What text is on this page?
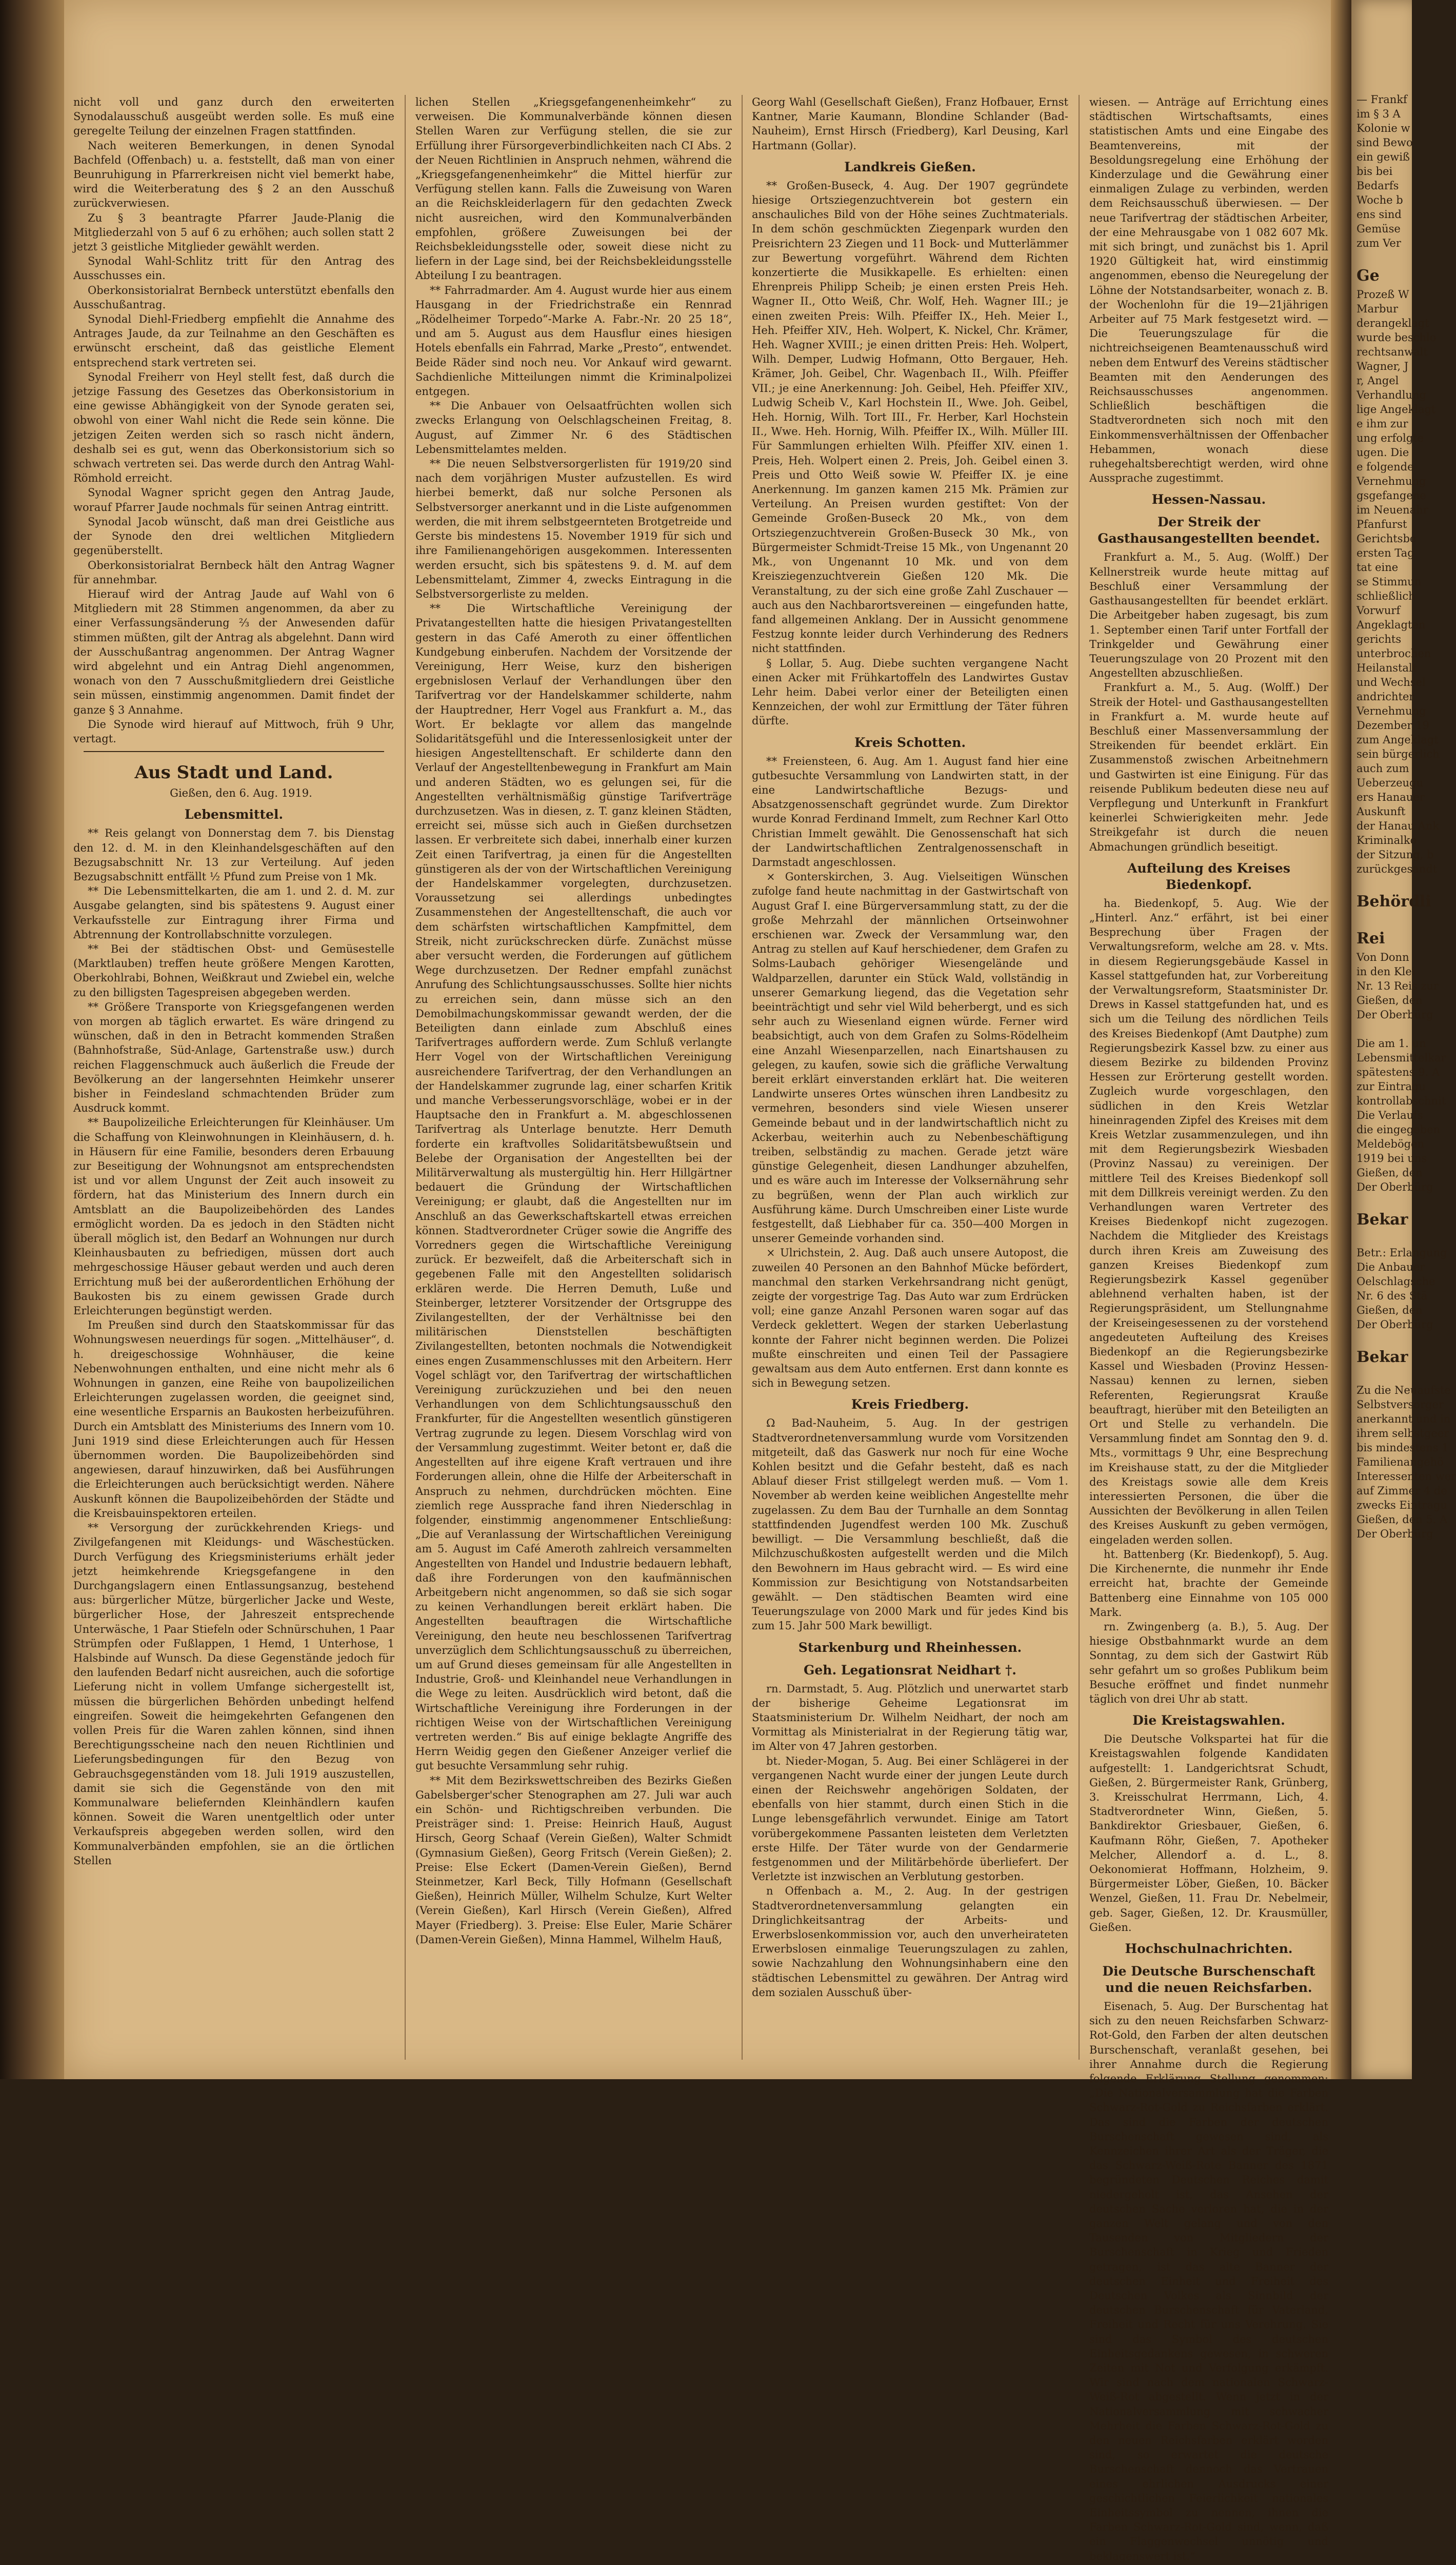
nicht voll und ganz durch den erweiterten Synodalausschuß ausgeübt werden solle. Es muß eine geregelte Teilung der einzelnen Fragen stattfinden.

Nach weiteren Bemerkungen, in denen Synodal Bachfeld (Offenbach) u. a. feststellt, daß man von einer Beunruhigung in Pfarrerkreisen nicht viel bemerkt habe, wird die Weiterberatung des § 2 an den Ausschuß zurückverwiesen.

Zu § 3 beantragte Pfarrer Jaude-Planig die Mitgliederzahl von 5 auf 6 zu erhöhen; auch sollen statt 2 jetzt 3 geistliche Mitglieder gewählt werden.

Synodal Wahl-Schlitz tritt für den Antrag des Ausschusses ein.

Oberkonsistorialrat Bernbeck unterstützt ebenfalls den Ausschußantrag.

Synodal Diehl-Friedberg empfiehlt die Annahme des Antrages Jaude, da zur Teilnahme an den Geschäften es erwünscht erscheint, daß das geistliche Element entsprechend stark vertreten sei.

Synodal Freiherr von Heyl stellt fest, daß durch die jetzige Fassung des Gesetzes das Oberkonsistorium in eine gewisse Abhängigkeit von der Synode geraten sei, obwohl von einer Wahl nicht die Rede sein könne. Die jetzigen Zeiten werden sich so rasch nicht ändern, deshalb sei es gut, wenn das Oberkonsistorium sich so schwach vertreten sei. Das werde durch den Antrag Wahl-Römhold erreicht.

Synodal Wagner spricht gegen den Antrag Jaude, worauf Pfarrer Jaude nochmals für seinen Antrag eintritt.

Synodal Jacob wünscht, daß man drei Geistliche aus der Synode den drei weltlichen Mitgliedern gegenüberstellt.

Oberkonsistorialrat Bernbeck hält den Antrag Wagner für annehmbar.

Hierauf wird der Antrag Jaude auf Wahl von 6 Mitgliedern mit 28 Stimmen angenommen, da aber zu einer Verfassungsänderung ⅔ der Anwesenden dafür stimmen müßten, gilt der Antrag als abgelehnt. Dann wird der Ausschußantrag angenommen. Der Antrag Wagner wird abgelehnt und ein Antrag Diehl angenommen, wonach von den 7 Ausschußmitgliedern drei Geistliche sein müssen, einstimmig angenommen. Damit findet der ganze § 3 Annahme.

Die Synode wird hierauf auf Mittwoch, früh 9 Uhr, vertagt.

Aus Stadt und Land.

Gießen, den 6. Aug. 1919.

Lebensmittel.

** Reis gelangt von Donnerstag dem 7. bis Dienstag den 12. d. M. in den Kleinhandelsgeschäften auf den Bezugsabschnitt Nr. 13 zur Verteilung. Auf jeden Bezugsabschnitt entfällt ½ Pfund zum Preise von 1 Mk.

** Die Lebensmittelkarten, die am 1. und 2. d. M. zur Ausgabe gelangten, sind bis spätestens 9. August einer Verkaufsstelle zur Eintragung ihrer Firma und Abtrennung der Kontrollabschnitte vorzulegen.

** Bei der städtischen Obst- und Gemüsestelle (Marktlauben) treffen heute größere Mengen Karotten, Oberkohlrabi, Bohnen, Weißkraut und Zwiebel ein, welche zu den billigsten Tagespreisen abgegeben werden.

** Größere Transporte von Kriegsgefangenen werden von morgen ab täglich erwartet. Es wäre dringend zu wünschen, daß in den in Betracht kommenden Straßen (Bahnhofstraße, Süd-Anlage, Gartenstraße usw.) durch reichen Flaggenschmuck auch äußerlich die Freude der Bevölkerung an der langersehnten Heimkehr unserer bisher in Feindesland schmachtenden Brüder zum Ausdruck kommt.

** Baupolizeiliche Erleichterungen für Kleinhäuser. Um die Schaffung von Kleinwohnungen in Kleinhäusern, d. h. in Häusern für eine Familie, besonders deren Erbauung zur Beseitigung der Wohnungsnot am entsprechendsten ist und vor allem Ungunst der Zeit auch insoweit zu fördern, hat das Ministerium des Innern durch ein Amtsblatt an die Baupolizeibehörden des Landes ermöglicht worden. Da es jedoch in den Städten nicht überall möglich ist, den Bedarf an Wohnungen nur durch Kleinhausbauten zu befriedigen, müssen dort auch mehrgeschossige Häuser gebaut werden und auch deren Errichtung muß bei der außerordentlichen Erhöhung der Baukosten bis zu einem gewissen Grade durch Erleichterungen begünstigt werden.

Im Preußen sind durch den Staatskommissar für das Wohnungswesen neuerdings für sogen. „Mittelhäuser“, d. h. dreigeschossige Wohnhäuser, die keine Nebenwohnungen enthalten, und eine nicht mehr als 6 Wohnungen in ganzen, eine Reihe von baupolizeilichen Erleichterungen zugelassen worden, die geeignet sind, eine wesentliche Ersparnis an Baukosten herbeizuführen. Durch ein Amtsblatt des Ministeriums des Innern vom 10. Juni 1919 sind diese Erleichterungen auch für Hessen übernommen worden. Die Baupolizeibehörden sind angewiesen, darauf hinzuwirken, daß bei Ausführungen die Erleichterungen auch berücksichtigt werden. Nähere Auskunft können die Baupolizeibehörden der Städte und die Kreisbauinspektoren erteilen.

** Versorgung der zurückkehrenden Kriegs- und Zivilgefangenen mit Kleidungs- und Wäschestücken. Durch Verfügung des Kriegsministeriums erhält jeder jetzt heimkehrende Kriegsgefangene in den Durchgangslagern einen Entlassungsanzug, bestehend aus: bürgerlicher Mütze, bürgerlicher Jacke und Weste, bürgerlicher Hose, der Jahreszeit entsprechende Unterwäsche, 1 Paar Stiefeln oder Schnürschuhen, 1 Paar Strümpfen oder Fußlappen, 1 Hemd, 1 Unterhose, 1 Halsbinde auf Wunsch. Da diese Gegenstände jedoch für den laufenden Bedarf nicht ausreichen, auch die sofortige Lieferung nicht in vollem Umfange sichergestellt ist, müssen die bürgerlichen Behörden unbedingt helfend eingreifen. Soweit die heimgekehrten Gefangenen den vollen Preis für die Waren zahlen können, sind ihnen Berechtigungsscheine nach den neuen Richtlinien und Lieferungsbedingungen für den Bezug von Gebrauchsgegenständen vom 18. Juli 1919 auszustellen, damit sie sich die Gegenstände von den mit Kommunalware beliefernden Kleinhändlern kaufen können. Soweit die Waren unentgeltlich oder unter Verkaufspreis abgegeben werden sollen, wird den Kommunalverbänden empfohlen, sie an die örtlichen Stellen

lichen Stellen „Kriegsgefangenenheimkehr“ zu verweisen. Die Kommunalverbände können diesen Stellen Waren zur Verfügung stellen, die sie zur Erfüllung ihrer Fürsorgeverbindlichkeiten nach CI Abs. 2 der Neuen Richtlinien in Anspruch nehmen, während die „Kriegsgefangenenheimkehr“ die Mittel hierfür zur Verfügung stellen kann. Falls die Zuweisung von Waren an die Reichskleiderlagern für den gedachten Zweck nicht ausreichen, wird den Kommunalverbänden empfohlen, größere Zuweisungen bei der Reichsbekleidungsstelle oder, soweit diese nicht zu liefern in der Lage sind, bei der Reichsbekleidungsstelle Abteilung I zu beantragen.

** Fahrradmarder. Am 4. August wurde hier aus einem Hausgang in der Friedrichstraße ein Rennrad „Rödelheimer Torpedo“-Marke A. Fabr.-Nr. 20 25 18“, und am 5. August aus dem Hausflur eines hiesigen Hotels ebenfalls ein Fahrrad, Marke „Presto“, entwendet. Beide Räder sind noch neu. Vor Ankauf wird gewarnt. Sachdienliche Mitteilungen nimmt die Kriminalpolizei entgegen.

** Die Anbauer von Oelsaatfrüchten wollen sich zwecks Erlangung von Oelschlagscheinen Freitag, 8. August, auf Zimmer Nr. 6 des Städtischen Lebensmittelamtes melden.

** Die neuen Selbstversorgerlisten für 1919/20 sind nach dem vorjährigen Muster aufzustellen. Es wird hierbei bemerkt, daß nur solche Personen als Selbstversorger anerkannt und in die Liste aufgenommen werden, die mit ihrem selbstgeernteten Brotgetreide und Gerste bis mindestens 15. November 1919 für sich und ihre Familienangehörigen ausgekommen. Interessenten werden ersucht, sich bis spätestens 9. d. M. auf dem Lebensmittelamt, Zimmer 4, zwecks Eintragung in die Selbstversorgerliste zu melden.

** Die Wirtschaftliche Vereinigung der Privatangestellten hatte die hiesigen Privatangestellten gestern in das Café Ameroth zu einer öffentlichen Kundgebung einberufen. Nachdem der Vorsitzende der Vereinigung, Herr Weise, kurz den bisherigen ergebnislosen Verlauf der Verhandlungen über den Tarifvertrag vor der Handelskammer schilderte, nahm der Hauptredner, Herr Vogel aus Frankfurt a. M., das Wort. Er beklagte vor allem das mangelnde Solidaritätsgefühl und die Interessenlosigkeit unter der hiesigen Angestelltenschaft. Er schilderte dann den Verlauf der Angestelltenbewegung in Frankfurt am Main und anderen Städten, wo es gelungen sei, für die Angestellten verhältnismäßig günstige Tarifverträge durchzusetzen. Was in diesen, z. T. ganz kleinen Städten, erreicht sei, müsse sich auch in Gießen durchsetzen lassen. Er verbreitete sich dabei, innerhalb einer kurzen Zeit einen Tarifvertrag, ja einen für die Angestellten günstigeren als der von der Wirtschaftlichen Vereinigung der Handelskammer vorgelegten, durchzusetzen. Voraussetzung sei allerdings unbedingtes Zusammenstehen der Angestelltenschaft, die auch vor dem schärfsten wirtschaftlichen Kampfmittel, dem Streik, nicht zurückschrecken dürfe. Zunächst müsse aber versucht werden, die Forderungen auf gütlichem Wege durchzusetzen. Der Redner empfahl zunächst Anrufung des Schlichtungsausschusses. Sollte hier nichts zu erreichen sein, dann müsse sich an den Demobilmachungskommissar gewandt werden, der die Beteiligten dann einlade zum Abschluß eines Tarifvertrages auffordern werde. Zum Schluß verlangte Herr Vogel von der Wirtschaftlichen Vereinigung ausreichendere Tarifvertrag, der den Verhandlungen an der Handelskammer zugrunde lag, einer scharfen Kritik und manche Verbesserungsvorschläge, wobei er in der Hauptsache den in Frankfurt a. M. abgeschlossenen Tarifvertrag als Unterlage benutzte. Herr Demuth forderte ein kraftvolles Solidaritätsbewußtsein und Belebe der Organisation der Angestellten bei der Militärverwaltung als mustergültig hin. Herr Hillgärtner bedauert die Gründung der Wirtschaftlichen Vereinigung; er glaubt, daß die Angestellten nur im Anschluß an das Gewerkschaftskartell etwas erreichen können. Stadtverordneter Crüger sowie die Angriffe des Vorredners gegen die Wirtschaftliche Vereinigung zurück. Er bezweifelt, daß die Arbeiterschaft sich in gegebenen Falle mit den Angestellten solidarisch erklären werde. Die Herren Demuth, Luße und Steinberger, letzterer Vorsitzender der Ortsgruppe des Zivilangestellten, der der Verhältnisse bei den militärischen Dienststellen beschäftigten Zivilangestellten, betonten nochmals die Notwendigkeit eines engen Zusammenschlusses mit den Arbeitern. Herr Vogel schlägt vor, den Tarifvertrag der wirtschaftlichen Vereinigung zurückzuziehen und bei den neuen Verhandlungen von dem Schlichtungsausschuß den Frankfurter, für die Angestellten wesentlich günstigeren Vertrag zugrunde zu legen. Diesem Vorschlag wird von der Versammlung zugestimmt. Weiter betont er, daß die Angestellten auf ihre eigene Kraft vertrauen und ihre Forderungen allein, ohne die Hilfe der Arbeiterschaft in Anspruch zu nehmen, durchdrücken möchten. Eine ziemlich rege Aussprache fand ihren Niederschlag in folgender, einstimmig angenommener Entschließung: „Die auf Veranlassung der Wirtschaftlichen Vereinigung am 5. August im Café Ameroth zahlreich versammelten Angestellten von Handel und Industrie bedauern lebhaft, daß ihre Forderungen von den kaufmännischen Arbeitgebern nicht angenommen, so daß sie sich sogar zu keinen Verhandlungen bereit erklärt haben. Die Angestellten beauftragen die Wirtschaftliche Vereinigung, den heute neu beschlossenen Tarifvertrag unverzüglich dem Schlichtungsausschuß zu überreichen, um auf Grund dieses gemeinsam für alle Angestellten in Industrie, Groß- und Kleinhandel neue Verhandlungen in die Wege zu leiten. Ausdrücklich wird betont, daß die Wirtschaftliche Vereinigung ihre Forderungen in der richtigen Weise von der Wirtschaftlichen Vereinigung vertreten werden.“ Bis auf einige beklagte Angriffe des Herrn Weidig gegen den Gießener Anzeiger verlief die gut besuchte Versammlung sehr ruhig.

** Mit dem Bezirkswettschreiben des Bezirks Gießen Gabelsberger'scher Stenographen am 27. Juli war auch ein Schön- und Richtigschreiben verbunden. Die Preisträger sind: 1. Preise: Heinrich Hauß, August Hirsch, Georg Schaaf (Verein Gießen), Walter Schmidt (Gymnasium Gießen), Georg Fritsch (Verein Gießen); 2. Preise: Else Eckert (Damen-Verein Gießen), Bernd Steinmetzer, Karl Beck, Tilly Hofmann (Gesellschaft Gießen), Heinrich Müller, Wilhelm Schulze, Kurt Welter (Verein Gießen), Karl Hirsch (Verein Gießen), Alfred Mayer (Friedberg). 3. Preise: Else Euler, Marie Schärer (Damen-Verein Gießen), Minna Hammel, Wilhelm Hauß,

Georg Wahl (Gesellschaft Gießen), Franz Hofbauer, Ernst Kantner, Marie Kaumann, Blondine Schlander (Bad-Nauheim), Ernst Hirsch (Friedberg), Karl Deusing, Karl Hartmann (Gollar).

Landkreis Gießen.

** Großen-Buseck, 4. Aug. Der 1907 gegründete hiesige Ortsziegenzuchtverein bot gestern ein anschauliches Bild von der Höhe seines Zuchtmaterials. In dem schön geschmückten Ziegenpark wurden den Preisrichtern 23 Ziegen und 11 Bock- und Mutterlämmer zur Bewertung vorgeführt. Während dem Richten konzertierte die Musikkapelle. Es erhielten: einen Ehrenpreis Philipp Scheib; je einen ersten Preis Heh. Wagner II., Otto Weiß, Chr. Wolf, Heh. Wagner III.; je einen zweiten Preis: Wilh. Pfeiffer IX., Heh. Meier I., Heh. Pfeiffer XIV., Heh. Wolpert, K. Nickel, Chr. Krämer, Heh. Wagner XVIII.; je einen dritten Preis: Heh. Wolpert, Wilh. Demper, Ludwig Hofmann, Otto Bergauer, Heh. Krämer, Joh. Geibel, Chr. Wagenbach II., Wilh. Pfeiffer VII.; je eine Anerkennung: Joh. Geibel, Heh. Pfeiffer XIV., Ludwig Scheib V., Karl Hochstein II., Wwe. Joh. Geibel, Heh. Hornig, Wilh. Tort III., Fr. Herber, Karl Hochstein II., Wwe. Heh. Hornig, Wilh. Pfeiffer IX., Wilh. Müller III. Für Sammlungen erhielten Wilh. Pfeiffer XIV. einen 1. Preis, Heh. Wolpert einen 2. Preis, Joh. Geibel einen 3. Preis und Otto Weiß sowie W. Pfeiffer IX. je eine Anerkennung. Im ganzen kamen 215 Mk. Prämien zur Verteilung. An Preisen wurden gestiftet: Von der Gemeinde Großen-Buseck 20 Mk., von dem Ortsziegenzuchtverein Großen-Buseck 30 Mk., von Bürgermeister Schmidt-Treise 15 Mk., von Ungenannt 20 Mk., von Ungenannt 10 Mk. und von dem Kreisziegenzuchtverein Gießen 120 Mk. Die Veranstaltung, zu der sich eine große Zahl Zuschauer — auch aus den Nachbarortsvereinen — eingefunden hatte, fand allgemeinen Anklang. Der in Aussicht genommene Festzug konnte leider durch Verhinderung des Redners nicht stattfinden.

§ Lollar, 5. Aug. Diebe suchten vergangene Nacht einen Acker mit Frühkartoffeln des Landwirtes Gustav Lehr heim. Dabei verlor einer der Beteiligten einen Kennzeichen, der wohl zur Ermittlung der Täter führen dürfte.

Kreis Schotten.

** Freiensteen, 6. Aug. Am 1. August fand hier eine gutbesuchte Versammlung von Landwirten statt, in der eine Landwirtschaftliche Bezugs- und Absatzgenossenschaft gegründet wurde. Zum Direktor wurde Konrad Ferdinand Immelt, zum Rechner Karl Otto Christian Immelt gewählt. Die Genossenschaft hat sich der Landwirtschaftlichen Zentralgenossenschaft in Darmstadt angeschlossen.

× Gonterskirchen, 3. Aug. Vielseitigen Wünschen zufolge fand heute nachmittag in der Gastwirtschaft von August Graf I. eine Bürgerversammlung statt, zu der die große Mehrzahl der männlichen Ortseinwohner erschienen war. Zweck der Versammlung war, den Antrag zu stellen auf Kauf herschiedener, dem Grafen zu Solms-Laubach gehöriger Wiesengelände und Waldparzellen, darunter ein Stück Wald, vollständig in unserer Gemarkung liegend, das die Vegetation sehr beeinträchtigt und sehr viel Wild beherbergt, und es sich sehr auch zu Wiesenland eignen würde. Ferner wird beabsichtigt, auch von dem Grafen zu Solms-Rödelheim eine Anzahl Wiesenparzellen, nach Einartshausen zu gelegen, zu kaufen, sowie sich die gräfliche Verwaltung bereit erklärt einverstanden erklärt hat. Die weiteren Landwirte unseres Ortes wünschen ihren Landbesitz zu vermehren, besonders sind viele Wiesen unserer Gemeinde bebaut und in der landwirtschaftlich nicht zu Ackerbau, weiterhin auch zu Nebenbeschäftigung treiben, selbständig zu machen. Gerade jetzt wäre günstige Gelegenheit, diesen Landhunger abzuhelfen, und es wäre auch im Interesse der Volksernährung sehr zu begrüßen, wenn der Plan auch wirklich zur Ausführung käme. Durch Umschreiben einer Liste wurde festgestellt, daß Liebhaber für ca. 350—400 Morgen in unserer Gemeinde vorhanden sind.

× Ulrichstein, 2. Aug. Daß auch unsere Autopost, die zuweilen 40 Personen an den Bahnhof Mücke befördert, manchmal den starken Verkehrsandrang nicht genügt, zeigte der vorgestrige Tag. Das Auto war zum Erdrücken voll; eine ganze Anzahl Personen waren sogar auf das Verdeck geklettert. Wegen der starken Ueberlastung konnte der Fahrer nicht beginnen werden. Die Polizei mußte einschreiten und einen Teil der Passagiere gewaltsam aus dem Auto entfernen. Erst dann konnte es sich in Bewegung setzen.

Kreis Friedberg.

Ω Bad-Nauheim, 5. Aug. In der gestrigen Stadtverordnetenversammlung wurde vom Vorsitzenden mitgeteilt, daß das Gaswerk nur noch für eine Woche Kohlen besitzt und die Gefahr besteht, daß es nach Ablauf dieser Frist stillgelegt werden muß. — Vom 1. November ab werden keine weiblichen Angestellte mehr zugelassen. Zu dem Bau der Turnhalle an dem Sonntag stattfindenden Jugendfest werden 100 Mk. Zuschuß bewilligt. — Die Versammlung beschließt, daß die Milchzuschußkosten aufgestellt werden und die Milch den Bewohnern im Haus gebracht wird. — Es wird eine Kommission zur Besichtigung von Notstandsarbeiten gewählt. — Den städtischen Beamten wird eine Teuerungszulage von 2000 Mark und für jedes Kind bis zum 15. Jahr 500 Mark bewilligt.

Starkenburg und Rheinhessen.
Geh. Legationsrat Neidhart †.

rn. Darmstadt, 5. Aug. Plötzlich und unerwartet starb der bisherige Geheime Legationsrat im Staatsministerium Dr. Wilhelm Neidhart, der noch am Vormittag als Ministerialrat in der Regierung tätig war, im Alter von 47 Jahren gestorben.

bt. Nieder-Mogan, 5. Aug. Bei einer Schlägerei in der vergangenen Nacht wurde einer der jungen Leute durch einen der Reichswehr angehörigen Soldaten, der ebenfalls von hier stammt, durch einen Stich in die Lunge lebensgefährlich verwundet. Einige am Tatort vorübergekommene Passanten leisteten dem Verletzten erste Hilfe. Der Täter wurde von der Gendarmerie festgenommen und der Militärbehörde überliefert. Der Verletzte ist inzwischen an Verblutung gestorben.

n Offenbach a. M., 2. Aug. In der gestrigen Stadtverordnetenversammlung gelangten ein Dringlichkeitsantrag der Arbeits- und Erwerbslosenkommission vor, auch den unverheirateten Erwerbslosen einmalige Teuerungszulagen zu zahlen, sowie Nachzahlung den Wohnungsinhabern eine den städtischen Lebensmittel zu gewähren. Der Antrag wird dem sozialen Ausschuß über-

wiesen. — Anträge auf Errichtung eines städtischen Wirtschaftsamts, eines statistischen Amts und eine Eingabe des Beamtenvereins, mit der Besoldungsregelung eine Erhöhung der Kinderzulage und die Gewährung einer einmaligen Zulage zu verbinden, werden dem Reichsausschuß überwiesen. — Der neue Tarifvertrag der städtischen Arbeiter, der eine Mehrausgabe von 1 082 607 Mk. mit sich bringt, und zunächst bis 1. April 1920 Gültigkeit hat, wird einstimmig angenommen, ebenso die Neuregelung der Löhne der Notstandsarbeiter, wonach z. B. der Wochenlohn für die 19—21jährigen Arbeiter auf 75 Mark festgesetzt wird. — Die Teuerungszulage für die nichtreichseigenen Beamtenausschuß wird neben dem Entwurf des Vereins städtischer Beamten mit den Aenderungen des Reichsausschusses angenommen. Schließlich beschäftigen die Stadtverordneten sich noch mit den Einkommensverhältnissen der Offenbacher Hebammen, wonach diese ruhegehaltsberechtigt werden, wird ohne Aussprache zugestimmt.

Hessen-Nassau.
Der Streik der Gasthausangestellten beendet.

Frankfurt a. M., 5. Aug. (Wolff.) Der Kellnerstreik wurde heute mittag auf Beschluß einer Versammlung der Gasthausangestellten für beendet erklärt. Die Arbeitgeber haben zugesagt, bis zum 1. September einen Tarif unter Fortfall der Trinkgelder und Gewährung einer Teuerungszulage von 20 Prozent mit den Angestellten abzuschließen.

Frankfurt a. M., 5. Aug. (Wolff.) Der Streik der Hotel- und Gasthausangestellten in Frankfurt a. M. wurde heute auf Beschluß einer Massenversammlung der Streikenden für beendet erklärt. Ein Zusammenstoß zwischen Arbeitnehmern und Gastwirten ist eine Einigung. Für das reisende Publikum bedeuten diese neu auf Verpflegung und Unterkunft in Frankfurt keinerlei Schwierigkeiten mehr. Jede Streikgefahr ist durch die neuen Abmachungen gründlich beseitigt.

Aufteilung des Kreises Biedenkopf.

ha. Biedenkopf, 5. Aug. Wie der „Hinterl. Anz.“ erfährt, ist bei einer Besprechung über Fragen der Verwaltungsreform, welche am 28. v. Mts. in diesem Regierungsgebäude Kassel in Kassel stattgefunden hat, zur Vorbereitung der Verwaltungsreform, Staatsminister Dr. Drews in Kassel stattgefunden hat, und es sich um die Teilung des nördlichen Teils des Kreises Biedenkopf (Amt Dautphe) zum Regierungsbezirk Kassel bzw. zu einer aus diesem Bezirke zu bildenden Provinz Hessen zur Erörterung gestellt worden. Zugleich wurde vorgeschlagen, den südlichen in den Kreis Wetzlar hineinragenden Zipfel des Kreises mit dem Kreis Wetzlar zusammenzulegen, und ihn mit dem Regierungsbezirk Wiesbaden (Provinz Nassau) zu vereinigen. Der mittlere Teil des Kreises Biedenkopf soll mit dem Dillkreis vereinigt werden. Zu den Verhandlungen waren Vertreter des Kreises Biedenkopf nicht zugezogen. Nachdem die Mitglieder des Kreistags durch ihren Kreis am Zuweisung des ganzen Kreises Biedenkopf zum Regierungsbezirk Kassel gegenüber ablehnend verhalten haben, ist der Regierungspräsident, um Stellungnahme der Kreiseingesessenen zu der vorstehend angedeuteten Aufteilung des Kreises Biedenkopf an die Regierungsbezirke Kassel und Wiesbaden (Provinz Hessen-Nassau) kennen zu lernen, sieben Referenten, Regierungsrat Krauße beauftragt, hierüber mit den Beteiligten an Ort und Stelle zu verhandeln. Die Versammlung findet am Sonntag den 9. d. Mts., vormittags 9 Uhr, eine Besprechung im Kreishause statt, zu der die Mitglieder des Kreistags sowie alle dem Kreis interessierten Personen, die über die Aussichten der Bevölkerung in allen Teilen des Kreises Auskunft zu geben vermögen, eingeladen werden sollen.

ht. Battenberg (Kr. Biedenkopf), 5. Aug. Die Kirchenernte, die nunmehr ihr Ende erreicht hat, brachte der Gemeinde Battenberg eine Einnahme von 105 000 Mark.

rn. Zwingenberg (a. B.), 5. Aug. Der hiesige Obstbahnmarkt wurde an dem Sonntag, zu dem sich der Gastwirt Rüb sehr gefahrt um so großes Publikum beim Besuche eröffnet und findet nunmehr täglich von drei Uhr ab statt.

Die Kreistagswahlen.

Die Deutsche Volkspartei hat für die Kreistagswahlen folgende Kandidaten aufgestellt: 1. Landgerichtsrat Schudt, Gießen, 2. Bürgermeister Rank, Grünberg, 3. Kreisschulrat Herrmann, Lich, 4. Stadtverordneter Winn, Gießen, 5. Bankdirektor Griesbauer, Gießen, 6. Kaufmann Röhr, Gießen, 7. Apotheker Melcher, Allendorf a. d. L., 8. Oekonomierat Hoffmann, Holzheim, 9. Bürgermeister Löber, Gießen, 10. Bäcker Wenzel, Gießen, 11. Frau Dr. Nebelmeir, geb. Sager, Gießen, 12. Dr. Krausmüller, Gießen.

Hochschulnachrichten.
Die Deutsche Burschenschaft und die neuen Reichsfarben.

Eisenach, 5. Aug. Der Burschentag hat sich zu den neuen Reichsfarben Schwarz-Rot-Gold, den Farben der alten deutschen Burschenschaft, veranlaßt gesehen, bei ihrer Annahme durch die Regierung folgende Erklärung Stellung genommen: „Die Nationalversammlung hat die Farben Schwarz-Rot-Gold zu Reichsfarben erklärt. Das sind die Farben der deutschen Burschenschaft gewesen sind, als Kennzeichen ihrer Art als der Träger, die das Schwarz-Weiß-Rote Banner des 1871 begründeten Deutschen Reiches damit niedergeholt ist, das Ansehen der deutschen Sache verloren hat, die in der ganzen Welt gelang und von den Tausenden von Mitgliedern der Burschenschaft in Krieg und Frieden getragen, ist das alte Banner der deutschen Einheit und Freiheit des Deutschen Volkes als Sinnbild der deutschen Burschenschaft für Vaterland, Freiheit und Recht für uns Verehrung. Sie sind das Symbol des deutschen Einheitsgedankens gewesen, in schweren Zeiten mit Not und Verfolgung erkämpft. Wir sind nach dem nationalen Schwarz-Weiß-Rot abgestellt. Wenn jetzt in der Nationalversammlung mit schwacher Mehrheit die Farben Schwarz-Rot-Gold zu den neuen Reichsfarben erklärt worden sind, so erwartet die deutsche Burschenschaft dennoch das Vertrauen eines ehrlichen Ausdrucks einer geschichtlichen Feierlichkeit nationales Einheitssymbol zu nennen, ihnen die Farben Schwarz-Rot-Gold sind, wenn, daß ein Flaggenwechsel unnötig und beklagenswert ist.“

— Frankf
im § 3 A
Kolonie w
sind Bewo
ein gewiß
bis bei
Bedarfs
Woche b
ens sind
Gemüse
zum Ver
Ge
Prozeß W
Marbur
derangeklagt
wurde beschlo
rechtsanwalt
Wagner, J
r, Angel
Verhandlung
lige Angeklagt
e ihm zur
ung erfolgte
ugen. Die
e folgende
Vernehmung
gsgefangene
im Neuenahr
Pfanfurst
Gerichtsbe
ersten Tag
tat eine
se Stimmun
schließlich
Vorwurf
Angeklagten
gerichts
unterbrochen
Heilanstalt
und Wechsel
andrichter
Vernehmung
Dezember 19
zum Angeklagt
sein bürgerlich
auch zum
Ueberzeugu
ers Hanauer
Auskunft
der Hanau Ank
Kriminalko
der Sitzung, b
zurückgesandt
Behördli
Rei
Von Donn
in den Klei
Nr. 13 Reis zur
Gießen, den
Der Oberbürg
Die am 1. un
Lebensmittelkar
spätestens 9. A
zur Eintragu
kontrollabschnit
Die Verlaufs
die eingegeben
Meldebögen
1919 bei uns
Gießen, den
Der Oberbürg
Bekar
Betr.: Erlangung
Die Anbauer
Oelschlagsche
Nr. 6 des Stä
Gießen, den
Der Oberbürg
Bekar
Zu die Neuaufste
Selbstversorger
anerkannt und in
ihrem selbstgeer
bis mindestens 1
Familienangehö
Interessenten wer
auf Zimmer 4 de
zwecks Eintragu
Gießen, den 5. A
Der Oberbürg
